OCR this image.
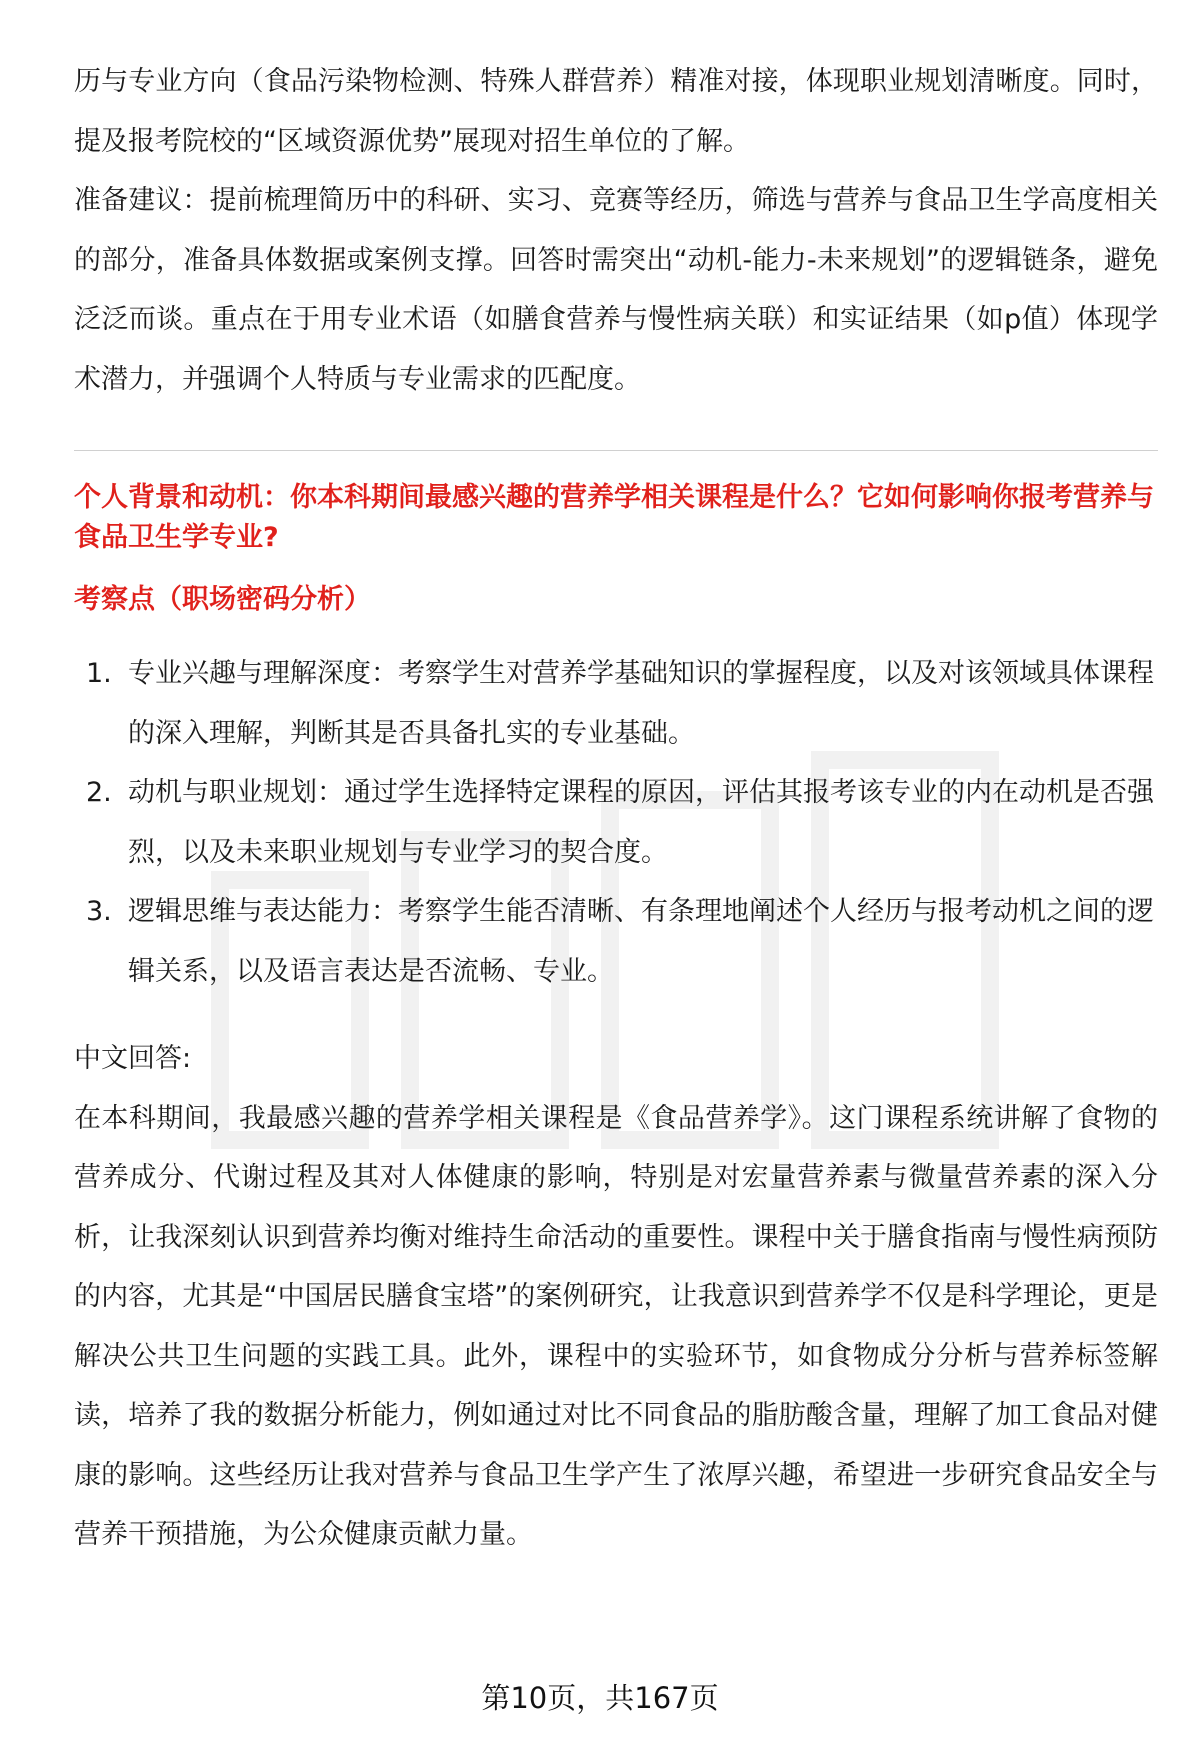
历与专业方向（食品污染物检测、特殊人群营养）精准对接，体现职业规划清晰度。同时，提及报考院校的“区域资源优势”展现对招生单位的了解。

准备建议：提前梳理简历中的科研、实习、竞赛等经历，筛选与营养与食品卫生学高度相关的部分，准备具体数据或案例支撑。回答时需突出“动机-能力-未来规划”的逻辑链条，避免泛泛而谈。重点在于用专业术语（如膳食营养与慢性病关联）和实证结果（如p值）体现学术潜力，并强调个人特质与专业需求的匹配度。

个人背景和动机：你本科期间最感兴趣的营养学相关课程是什么？它如何影响你报考营养与食品卫生学专业?

考察点（职场密码分析）

1. 专业兴趣与理解深度：考察学生对营养学基础知识的掌握程度，以及对该领域具体课程的深入理解，判断其是否具备扎实的专业基础。
2. 动机与职业规划：通过学生选择特定课程的原因，评估其报考该专业的内在动机是否强烈，以及未来职业规划与专业学习的契合度。
3. 逻辑思维与表达能力：考察学生能否清晰、有条理地阐述个人经历与报考动机之间的逻辑关系，以及语言表达是否流畅、专业。

中文回答:

在本科期间，我最感兴趣的营养学相关课程是《食品营养学》。这门课程系统讲解了食物的营养成分、代谢过程及其对人体健康的影响，特别是对宏量营养素与微量营养素的深入分析，让我深刻认识到营养均衡对维持生命活动的重要性。课程中关于膳食指南与慢性病预防的内容，尤其是“中国居民膳食宝塔”的案例研究，让我意识到营养学不仅是科学理论，更是解决公共卫生问题的实践工具。此外，课程中的实验环节，如食物成分分析与营养标签解读，培养了我的数据分析能力，例如通过对比不同食品的脂肪酸含量，理解了加工食品对健康的影响。这些经历让我对营养与食品卫生学产生了浓厚兴趣，希望进一步研究食品安全与营养干预措施，为公众健康贡献力量。

第10页，共167页
